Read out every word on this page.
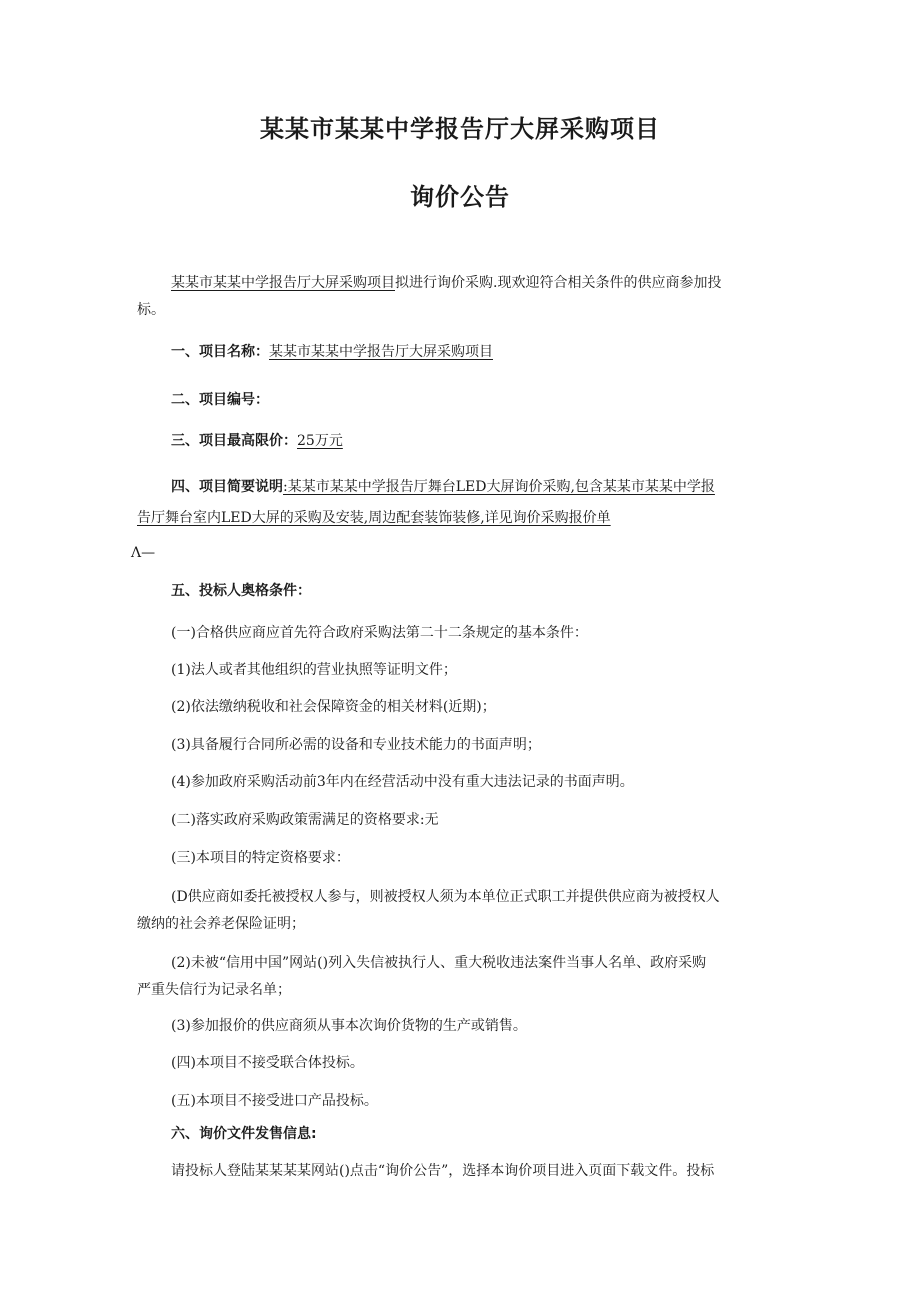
某某市某某中学报告厅大屏采购项目
询价公告
某某市某某中学报告厅大屏采购项目拟进行询价采购.现欢迎符合相关条件的供应商参加投
标。
一、项目名称：某某市某某中学报告厅大屏采购项目
二、项目编号：
三、项目最高限价：25万元
四、项目简要说明:某某市某某中学报告厅舞台LED大屏询价采购,包含某某市某某中学报
告厅舞台室内LED大屏的采购及安装,周边配套装饰装修,详见询价采购报价单
Λ—
五、投标人奥格条件：
(一)合格供应商应首先符合政府采购法第二十二条规定的基本条件：
(1)法人或者其他组织的营业执照等证明文件；
(2)依法缴纳税收和社会保障资金的相关材料(近期)；
(3)具备履行合同所必需的设备和专业技术能力的书面声明；
(4)参加政府采购活动前3年内在经营活动中没有重大违法记录的书面声明。
(二)落实政府采购政策需满足的资格要求:无
(三)本项目的特定资格要求：
(D供应商如委托被授权人参与，则被授权人须为本单位正式职工并提供供应商为被授权人
缴纳的社会养老保险证明；
(2)未被“信用中国”网站()列入失信被执行人、重大税收违法案件当事人名单、政府采购
严重失信行为记录名单；
(3)参加报价的供应商须从事本次询价货物的生产或销售。
(四)本项目不接受联合体投标。
(五)本项目不接受进口产品投标。
六、询价文件发售信息:
请投标人登陆某某某某网站()点击“询价公告”，选择本询价项目进入页面下载文件。投标
